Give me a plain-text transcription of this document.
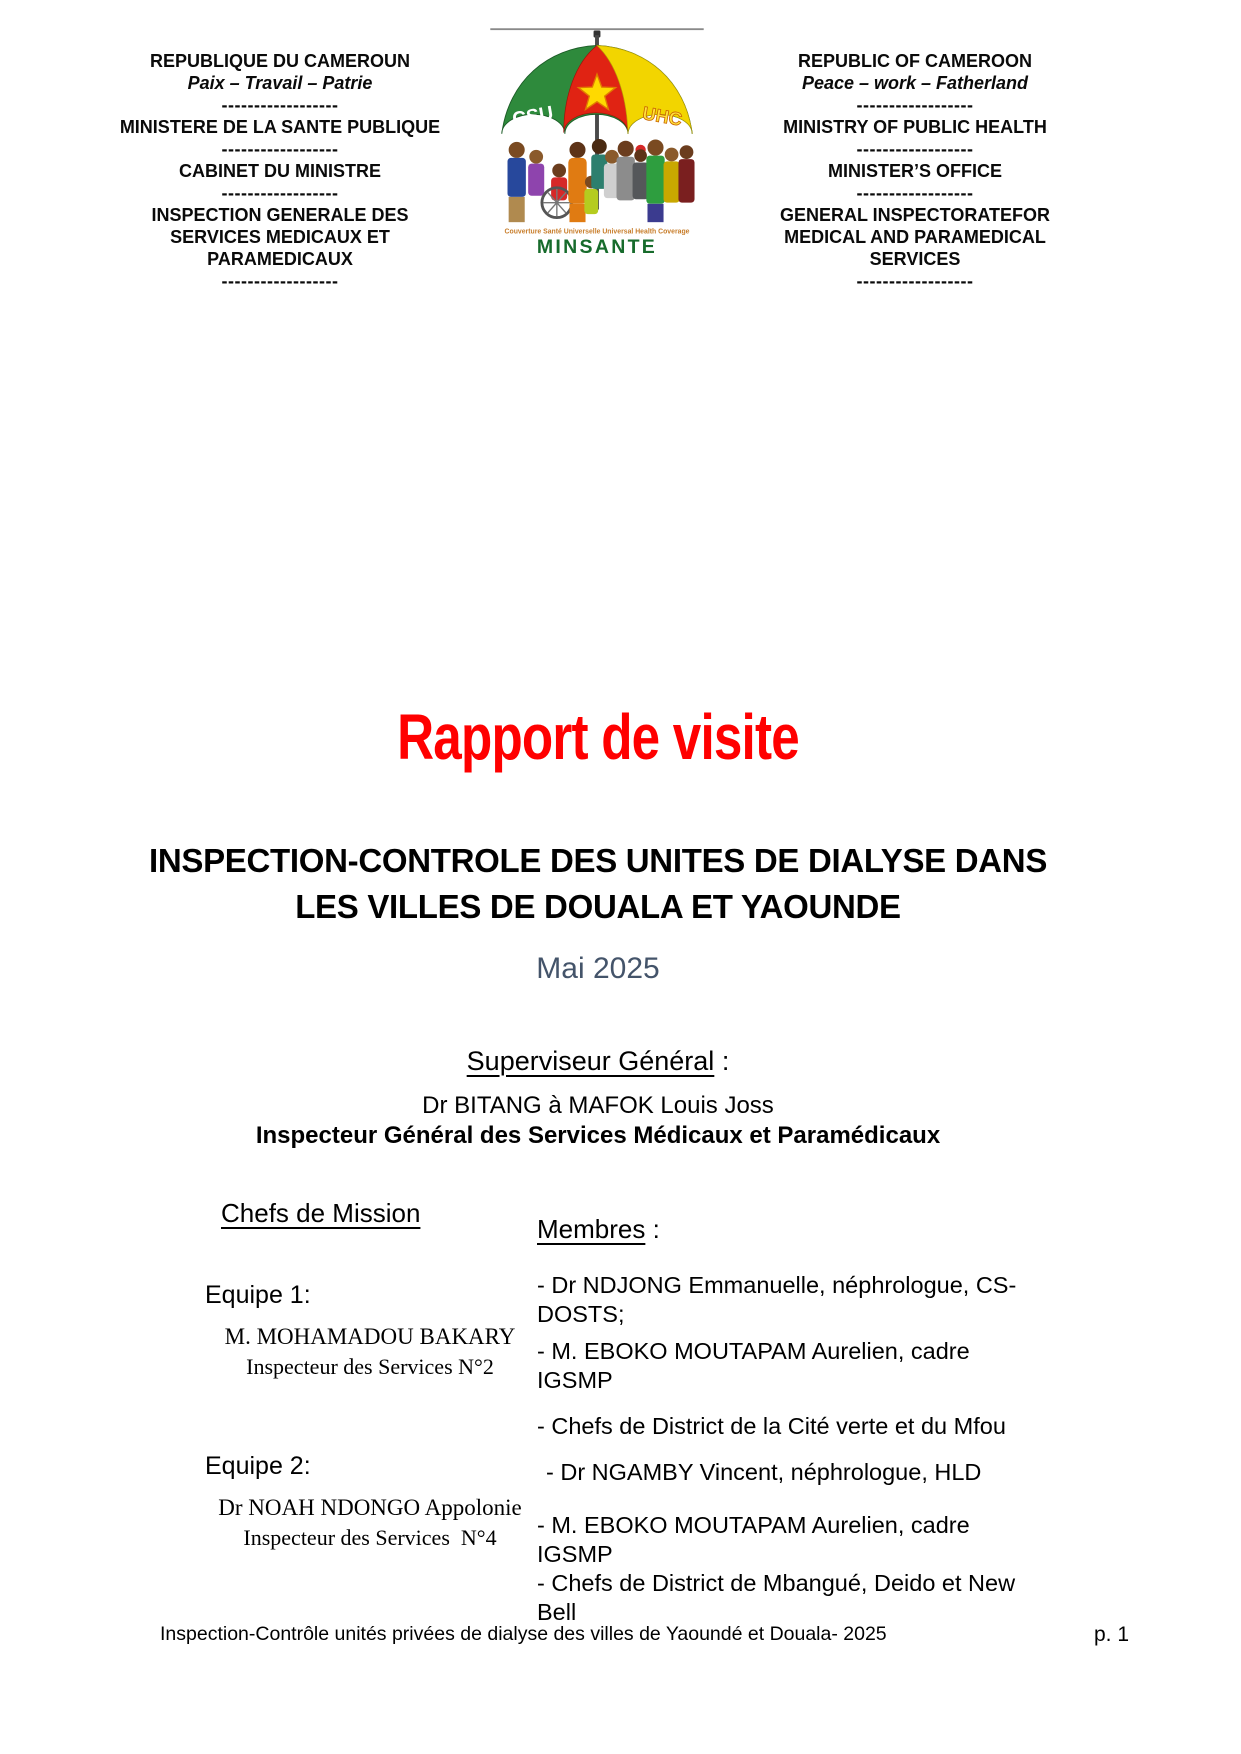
REPUBLIQUE DU CAMEROUN
Paix – Travail – Patrie
------------------
MINISTERE DE LA SANTE PUBLIQUE
------------------
CABINET DU MINISTRE
------------------
INSPECTION GENERALE DES
SERVICES MEDICAUX ET
PARAMEDICAUX
------------------
CSU	UHC
Couverture Santé Universelle Universal Health Coverage
MINSANTE
REPUBLIC OF CAMEROON
Peace – work – Fatherland
------------------
MINISTRY OF PUBLIC HEALTH
------------------
MINISTER’S OFFICE
------------------
GENERAL INSPECTORATEFOR
MEDICAL AND PARAMEDICAL
SERVICES
------------------
Rapport de visite
INSPECTION-CONTROLE DES UNITES DE DIALYSE DANS LES VILLES DE DOUALA ET YAOUNDE
Mai 2025
Superviseur Général :
Dr BITANG à MAFOK Louis Joss
Inspecteur Général des Services Médicaux et Paramédicaux
Chefs de Mission
Equipe 1:
M. MOHAMADOU BAKARY
Inspecteur des Services N°2
Equipe 2:
Dr NOAH NDONGO Appolonie
Inspecteur des Services  N°4
Membres :
- Dr NDJONG Emmanuelle, néphrologue, CS-DOSTS;
- M. EBOKO MOUTAPAM Aurelien, cadre IGSMP
- Chefs de District de la Cité verte et du Mfou
- Dr NGAMBY Vincent, néphrologue, HLD
- M. EBOKO MOUTAPAM Aurelien, cadre IGSMP
- Chefs de District de Mbangué, Deido et New Bell
Inspection-Contrôle unités privées de dialyse des villes de Yaoundé et Douala- 2025	p. 1
